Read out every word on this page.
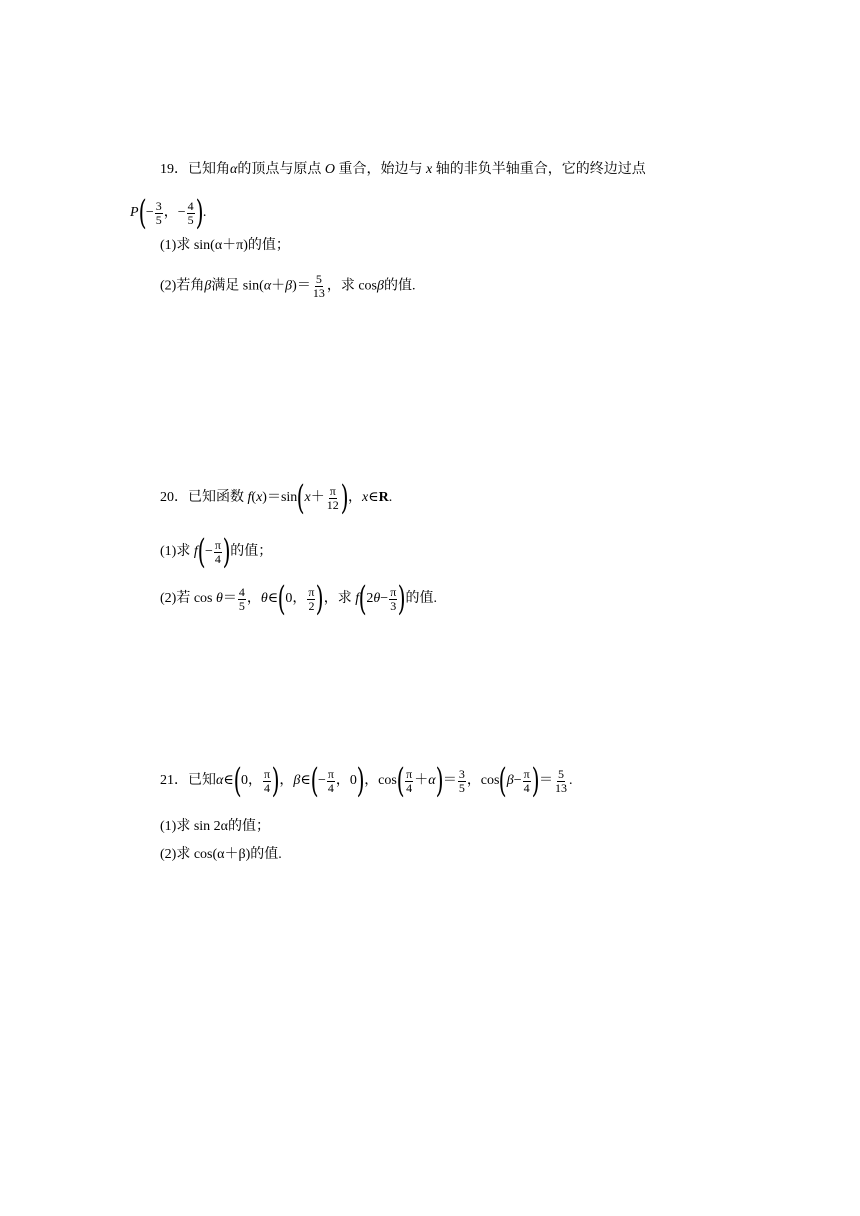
19．已知角α的顶点与原点 O 重合，始边与 x 轴的非负半轴重合，它的终边过点
$P(- \frac{3}{5}$ ，− $\frac{4}{5}$ ).
(1)求 sin(α＋π)的值；
(2)若角β满足 $\sin(\alpha+\beta)= \frac{5}{13}$ ，求 cosβ的值.
20．已知函数 $f(x)=\sin(x+ \frac{\pi}{12}$ )，x∈R.
(1)求 $f(- \frac{\pi}{4}$ )的值；
(2)若 $\cos \theta= \frac{4}{5}$ ，θ∈(0， $\frac{\pi}{2}$ )，求 $f(2\theta- \frac{\pi}{3}$ )的值.
21．已知α∈(0， $\frac{\pi}{4}$ )，β∈(− $\frac{\pi}{4}$ ，0)，$\cos( \frac{\pi}{4} +\alpha)= \frac{3}{5}$ ，$\cos(\beta- \frac{\pi}{4}$ )＝ $\frac{5}{13}$ .
(1)求 sin 2α的值；
(2)求 cos(α＋β)的值.
